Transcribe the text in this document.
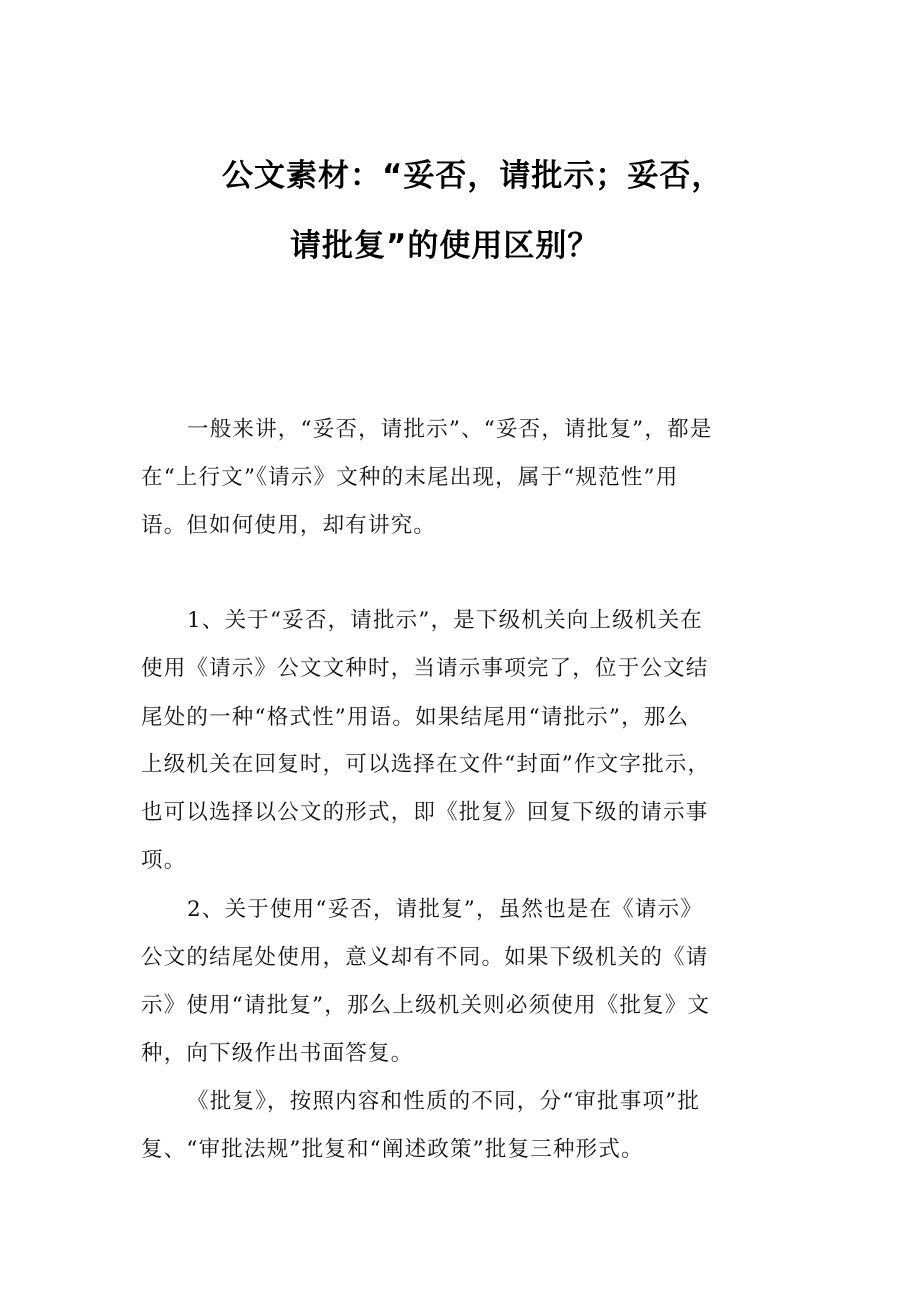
公文素材：“妥否，请批示；妥否，
请批复”的使用区别？
一般来讲，“妥否，请批示”、“妥否，请批复”，都是
在“上行文”《请示》文种的末尾出现，属于“规范性”用
语。但如何使用，却有讲究。
1、关于“妥否，请批示”，是下级机关向上级机关在
使用《请示》公文文种时，当请示事项完了，位于公文结
尾处的一种“格式性”用语。如果结尾用“请批示”，那么
上级机关在回复时，可以选择在文件“封面”作文字批示，
也可以选择以公文的形式，即《批复》回复下级的请示事
项。
2、关于使用“妥否，请批复”，虽然也是在《请示》
公文的结尾处使用，意义却有不同。如果下级机关的《请
示》使用“请批复”，那么上级机关则必须使用《批复》文
种，向下级作出书面答复。
《批复》，按照内容和性质的不同，分“审批事项”批
复、“审批法规”批复和“阐述政策”批复三种形式。
